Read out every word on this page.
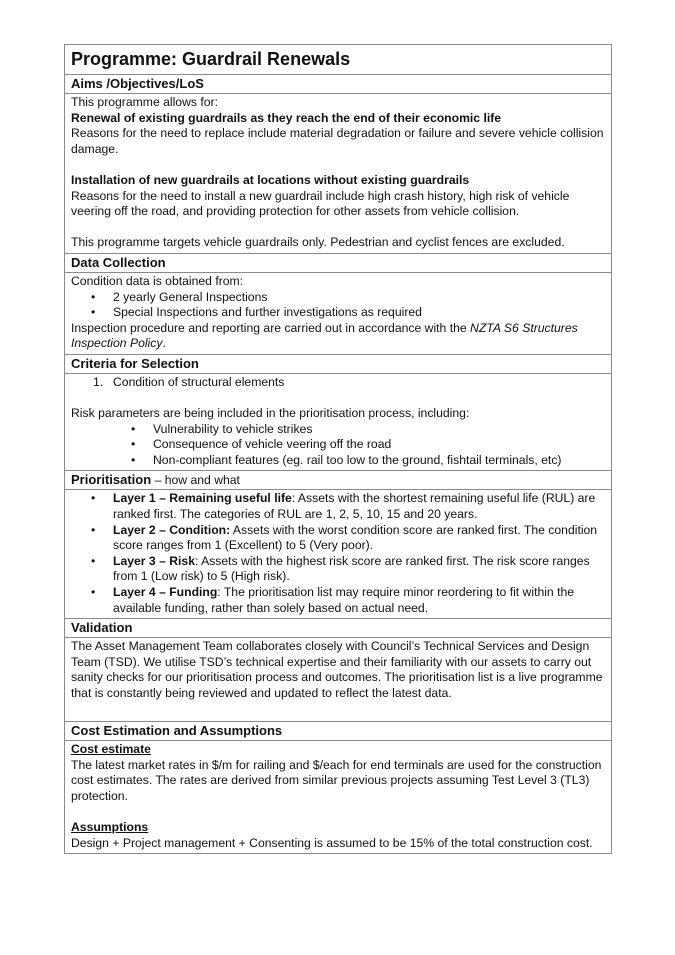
Programme: Guardrail Renewals
Aims /Objectives/LoS
This programme allows for:
Renewal of existing guardrails as they reach the end of their economic life
Reasons for the need to replace include material degradation or failure and severe vehicle collision damage.
Installation of new guardrails at locations without existing guardrails
Reasons for the need to install a new guardrail include high crash history, high risk of vehicle veering off the road, and providing protection for other assets from vehicle collision.
This programme targets vehicle guardrails only. Pedestrian and cyclist fences are excluded.
Data Collection
Condition data is obtained from:
• 2 yearly General Inspections
• Special Inspections and further investigations as required
Inspection procedure and reporting are carried out in accordance with the NZTA S6 Structures Inspection Policy.
Criteria for Selection
1. Condition of structural elements
Risk parameters are being included in the prioritisation process, including:
• Vulnerability to vehicle strikes
• Consequence of vehicle veering off the road
• Non-compliant features (eg. rail too low to the ground, fishtail terminals, etc)
Prioritisation – how and what
• Layer 1 – Remaining useful life: Assets with the shortest remaining useful life (RUL) are ranked first. The categories of RUL are 1, 2, 5, 10, 15 and 20 years.
• Layer 2 – Condition: Assets with the worst condition score are ranked first. The condition score ranges from 1 (Excellent) to 5 (Very poor).
• Layer 3 – Risk: Assets with the highest risk score are ranked first. The risk score ranges from 1 (Low risk) to 5 (High risk).
• Layer 4 – Funding: The prioritisation list may require minor reordering to fit within the available funding, rather than solely based on actual need.
Validation
The Asset Management Team collaborates closely with Council’s Technical Services and Design Team (TSD). We utilise TSD’s technical expertise and their familiarity with our assets to carry out sanity checks for our prioritisation process and outcomes. The prioritisation list is a live programme that is constantly being reviewed and updated to reflect the latest data.
Cost Estimation and Assumptions
Cost estimate
The latest market rates in $/m for railing and $/each for end terminals are used for the construction cost estimates. The rates are derived from similar previous projects assuming Test Level 3 (TL3) protection.
Assumptions
Design + Project management + Consenting is assumed to be 15% of the total construction cost.
